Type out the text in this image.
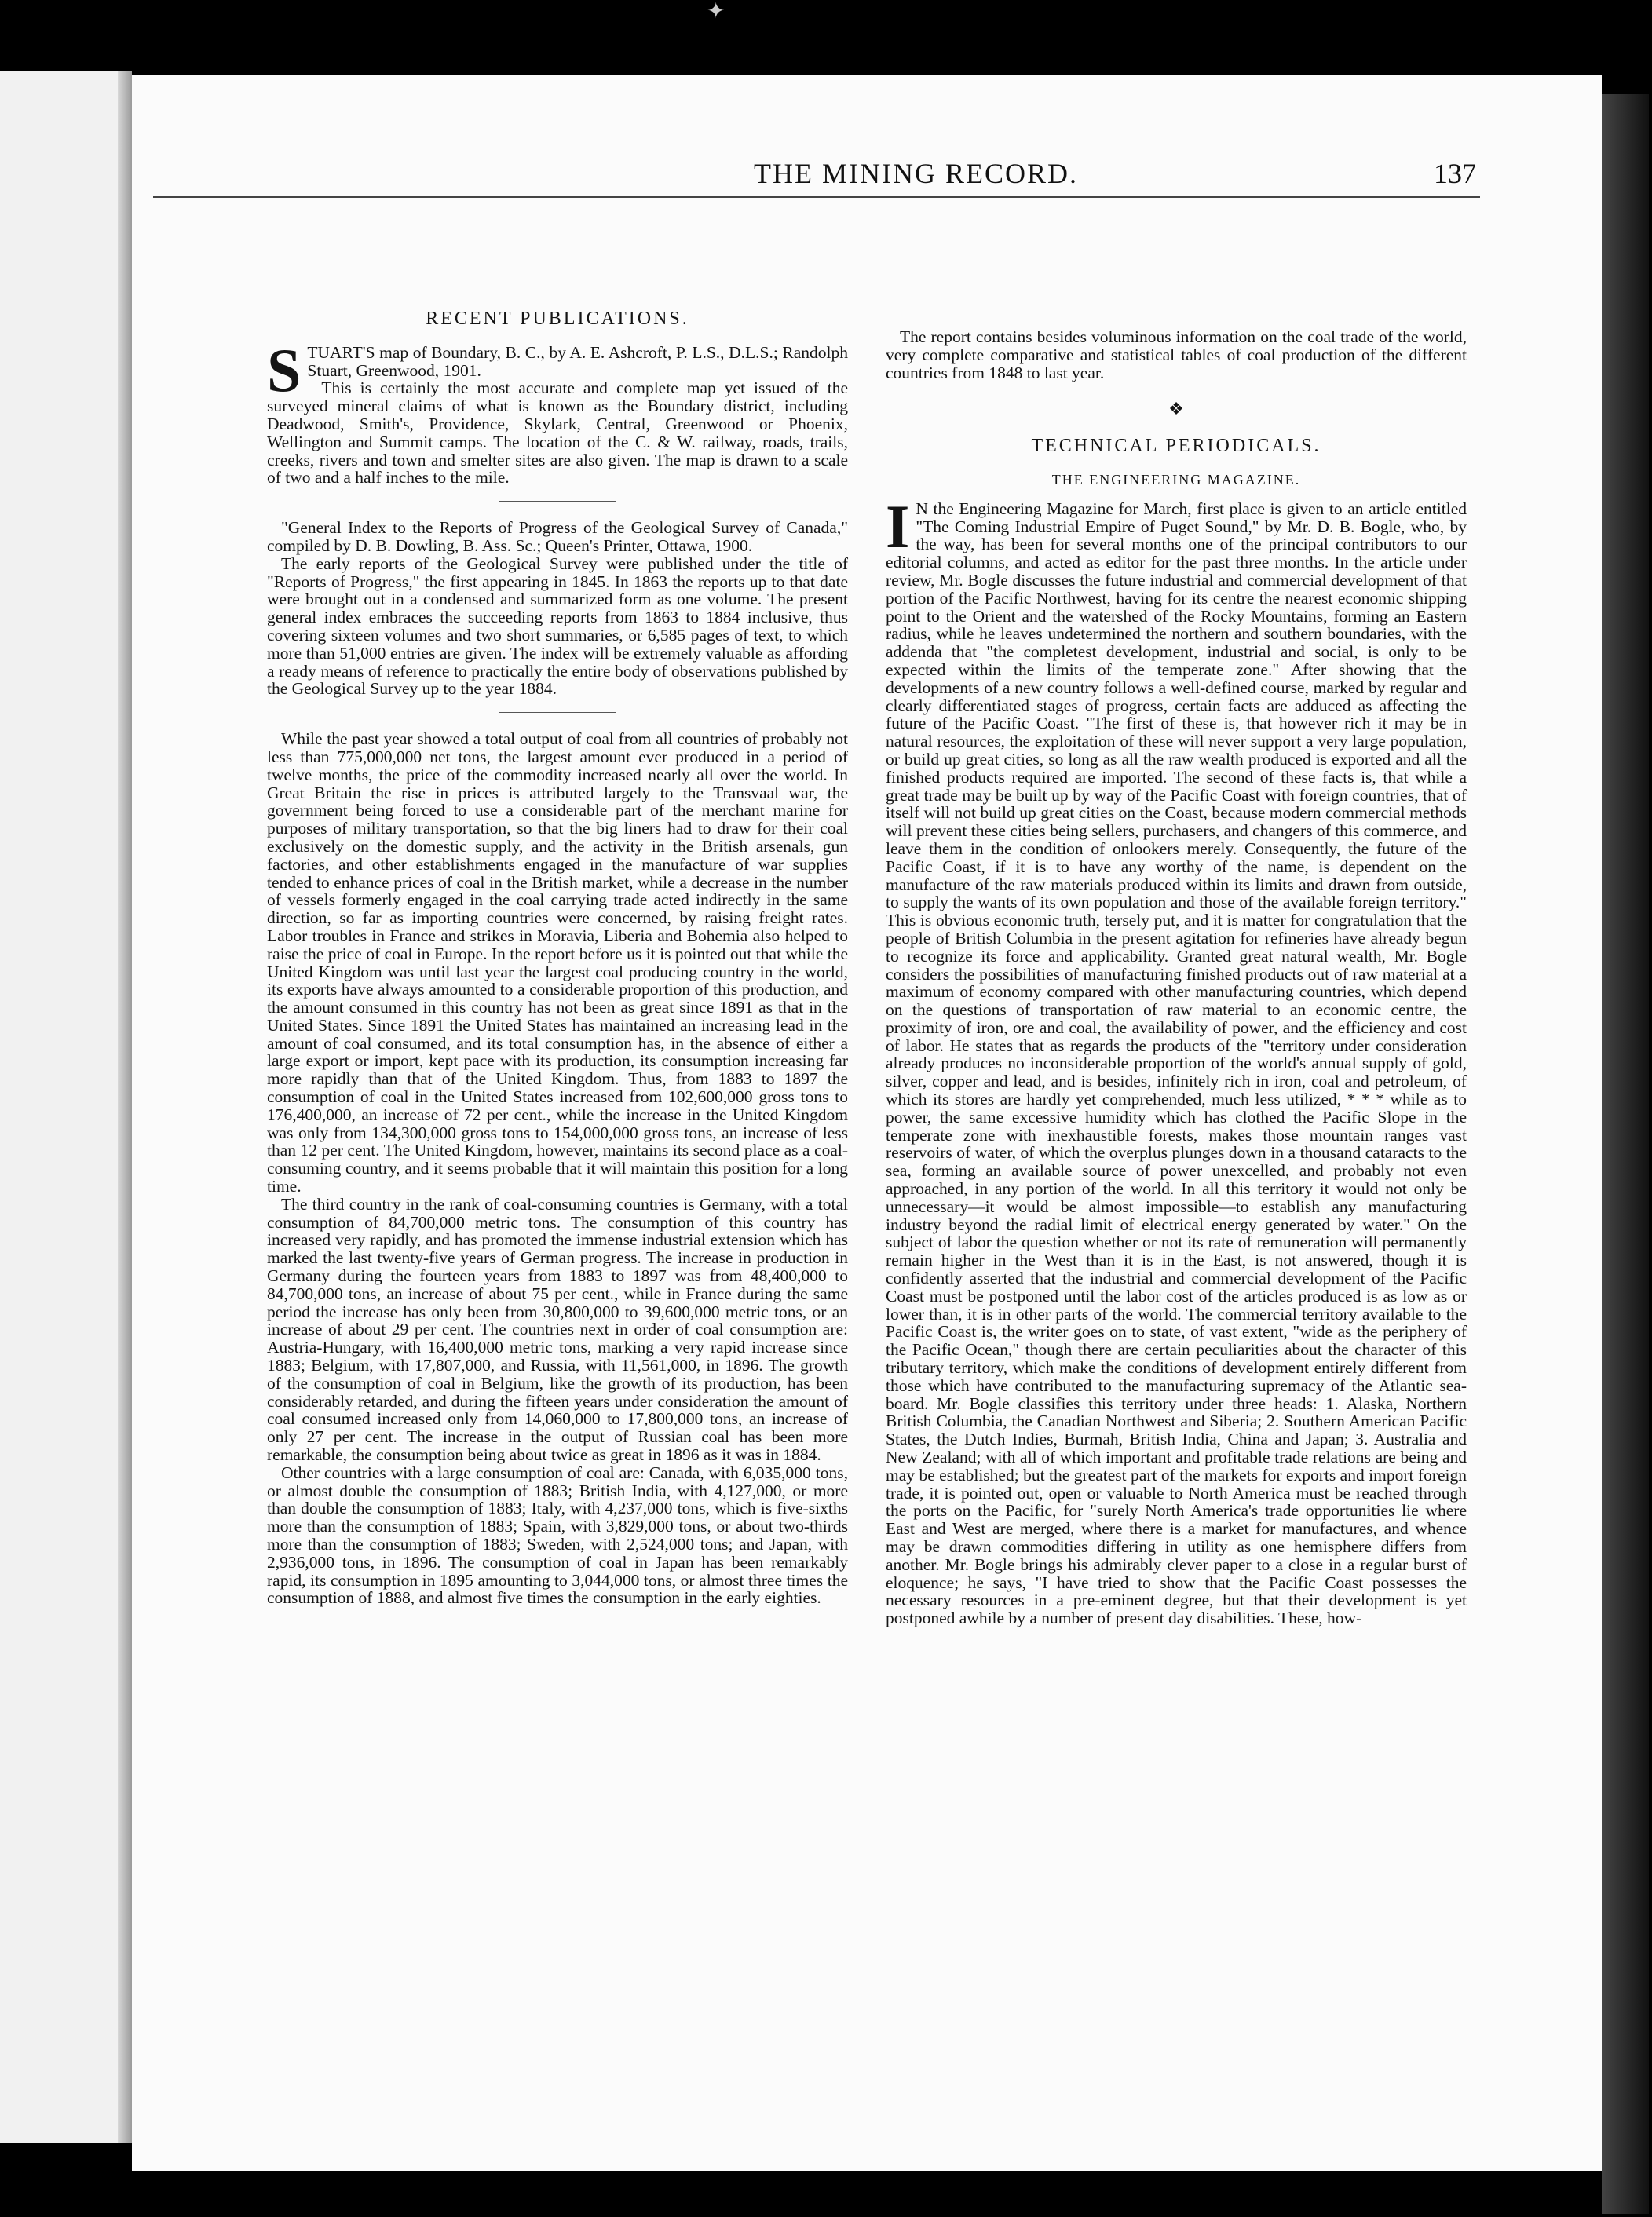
✦
THE MINING RECORD.	137
RECENT PUBLICATIONS.

STUART'S map of Boundary, B. C., by A. E. Ashcroft, P. L.S., D.L.S.; Randolph Stuart, Greenwood, 1901.

This is certainly the most accurate and complete map yet issued of the surveyed mineral claims of what is known as the Boundary district, including Deadwood, Smith's, Providence, Skylark, Central, Greenwood or Phoenix, Wellington and Summit camps. The location of the C. & W. railway, roads, trails, creeks, rivers and town and smelter sites are also given. The map is drawn to a scale of two and a half inches to the mile.

"General Index to the Reports of Progress of the Geological Survey of Canada," compiled by D. B. Dowling, B. Ass. Sc.; Queen's Printer, Ottawa, 1900.

The early reports of the Geological Survey were published under the title of "Reports of Progress," the first appearing in 1845. In 1863 the reports up to that date were brought out in a condensed and summarized form as one volume. The present general index embraces the succeeding reports from 1863 to 1884 inclusive, thus covering sixteen volumes and two short summaries, or 6,585 pages of text, to which more than 51,000 entries are given. The index will be extremely valuable as affording a ready means of reference to practically the entire body of observations published by the Geological Survey up to the year 1884.

While the past year showed a total output of coal from all countries of probably not less than 775,000,000 net tons, the largest amount ever produced in a period of twelve months, the price of the commodity increased nearly all over the world. In Great Britain the rise in prices is attributed largely to the Transvaal war, the government being forced to use a considerable part of the merchant marine for purposes of military transportation, so that the big liners had to draw for their coal exclusively on the domestic supply, and the activity in the British arsenals, gun factories, and other establishments engaged in the manufacture of war supplies tended to enhance prices of coal in the British market, while a decrease in the number of vessels formerly engaged in the coal carrying trade acted indirectly in the same direction, so far as importing countries were concerned, by raising freight rates. Labor troubles in France and strikes in Moravia, Liberia and Bohemia also helped to raise the price of coal in Europe. In the report before us it is pointed out that while the United Kingdom was until last year the largest coal producing country in the world, its exports have always amounted to a considerable proportion of this production, and the amount consumed in this country has not been as great since 1891 as that in the United States. Since 1891 the United States has maintained an increasing lead in the amount of coal consumed, and its total consumption has, in the absence of either a large export or import, kept pace with its production, its consumption increasing far more rapidly than that of the United Kingdom. Thus, from 1883 to 1897 the consumption of coal in the United States increased from 102,600,000 gross tons to 176,400,000, an increase of 72 per cent., while the increase in the United Kingdom was only from 134,300,000 gross tons to 154,000,000 gross tons, an increase of less than 12 per cent. The United Kingdom, however, maintains its second place as a coal-consuming country, and it seems probable that it will maintain this position for a long time.

The third country in the rank of coal-consuming countries is Germany, with a total consumption of 84,700,000 metric tons. The consumption of this country has increased very rapidly, and has promoted the immense industrial extension which has marked the last twenty-five years of German progress. The increase in production in Germany during the fourteen years from 1883 to 1897 was from 48,400,000 to 84,700,000 tons, an increase of about 75 per cent., while in France during the same period the increase has only been from 30,800,000 to 39,600,000 metric tons, or an increase of about 29 per cent. The countries next in order of coal consumption are: Austria-Hungary, with 16,400,000 metric tons, marking a very rapid increase since 1883; Belgium, with 17,807,000, and Russia, with 11,561,000, in 1896. The growth of the consumption of coal in Belgium, like the growth of its production, has been considerably retarded, and during the fifteen years under consideration the amount of coal consumed increased only from 14,060,000 to 17,800,000 tons, an increase of only 27 per cent. The increase in the output of Russian coal has been more remarkable, the consumption being about twice as great in 1896 as it was in 1884.

Other countries with a large consumption of coal are: Canada, with 6,035,000 tons, or almost double the consumption of 1883; British India, with 4,127,000, or more than double the consumption of 1883; Italy, with 4,237,000 tons, which is five-sixths more than the consumption of 1883; Spain, with 3,829,000 tons, or about two-thirds more than the consumption of 1883; Sweden, with 2,524,000 tons; and Japan, with 2,936,000 tons, in 1896. The consumption of coal in Japan has been remarkably rapid, its consumption in 1895 amounting to 3,044,000 tons, or almost three times the consumption of 1888, and almost five times the consumption in the early eighties.

The report contains besides voluminous information on the coal trade of the world, very complete comparative and statistical tables of coal production of the different countries from 1848 to last year.

❖
TECHNICAL PERIODICALS.
THE ENGINEERING MAGAZINE.

I N the Engineering Magazine for March, first place is given to an article entitled "The Coming Industrial Empire of Puget Sound," by Mr. D. B. Bogle, who, by the way, has been for several months one of the principal contributors to our editorial columns, and acted as editor for the past three months. In the article under review, Mr. Bogle discusses the future industrial and commercial development of that portion of the Pacific Northwest, having for its centre the nearest economic shipping point to the Orient and the watershed of the Rocky Mountains, forming an Eastern radius, while he leaves undetermined the northern and southern boundaries, with the addenda that "the completest development, industrial and social, is only to be expected within the limits of the temperate zone." After showing that the developments of a new country follows a well-defined course, marked by regular and clearly differentiated stages of progress, certain facts are adduced as affecting the future of the Pacific Coast. "The first of these is, that however rich it may be in natural resources, the exploitation of these will never support a very large population, or build up great cities, so long as all the raw wealth produced is exported and all the finished products required are imported. The second of these facts is, that while a great trade may be built up by way of the Pacific Coast with foreign countries, that of itself will not build up great cities on the Coast, because modern commercial methods will prevent these cities being sellers, purchasers, and changers of this commerce, and leave them in the condition of onlookers merely. Consequently, the future of the Pacific Coast, if it is to have any worthy of the name, is dependent on the manufacture of the raw materials produced within its limits and drawn from outside, to supply the wants of its own population and those of the available foreign territory." This is obvious economic truth, tersely put, and it is matter for congratulation that the people of British Columbia in the present agitation for refineries have already begun to recognize its force and applicability. Granted great natural wealth, Mr. Bogle considers the possibilities of manufacturing finished products out of raw material at a maximum of economy compared with other manufacturing countries, which depend on the questions of transportation of raw material to an economic centre, the proximity of iron, ore and coal, the availability of power, and the efficiency and cost of labor. He states that as regards the products of the "territory under consideration already produces no inconsiderable proportion of the world's annual supply of gold, silver, copper and lead, and is besides, infinitely rich in iron, coal and petroleum, of which its stores are hardly yet comprehended, much less utilized, * * * while as to power, the same excessive humidity which has clothed the Pacific Slope in the temperate zone with inexhaustible forests, makes those mountain ranges vast reservoirs of water, of which the overplus plunges down in a thousand cataracts to the sea, forming an available source of power unexcelled, and probably not even approached, in any portion of the world. In all this territory it would not only be unnecessary—it would be almost impossible—to establish any manufacturing industry beyond the radial limit of electrical energy generated by water." On the subject of labor the question whether or not its rate of remuneration will permanently remain higher in the West than it is in the East, is not answered, though it is confidently asserted that the industrial and commercial development of the Pacific Coast must be postponed until the labor cost of the articles produced is as low as or lower than, it is in other parts of the world. The commercial territory available to the Pacific Coast is, the writer goes on to state, of vast extent, "wide as the periphery of the Pacific Ocean," though there are certain peculiarities about the character of this tributary territory, which make the conditions of development entirely different from those which have contributed to the manufacturing supremacy of the Atlantic sea-board. Mr. Bogle classifies this territory under three heads: 1. Alaska, Northern British Columbia, the Canadian Northwest and Siberia; 2. Southern American Pacific States, the Dutch Indies, Burmah, British India, China and Japan; 3. Australia and New Zealand; with all of which important and profitable trade relations are being and may be established; but the greatest part of the markets for exports and import foreign trade, it is pointed out, open or valuable to North America must be reached through the ports on the Pacific, for "surely North America's trade opportunities lie where East and West are merged, where there is a market for manufactures, and whence may be drawn commodities differing in utility as one hemisphere differs from another. Mr. Bogle brings his admirably clever paper to a close in a regular burst of eloquence; he says, "I have tried to show that the Pacific Coast possesses the necessary resources in a pre-eminent degree, but that their development is yet postponed awhile by a number of present day disabilities. These, how-
